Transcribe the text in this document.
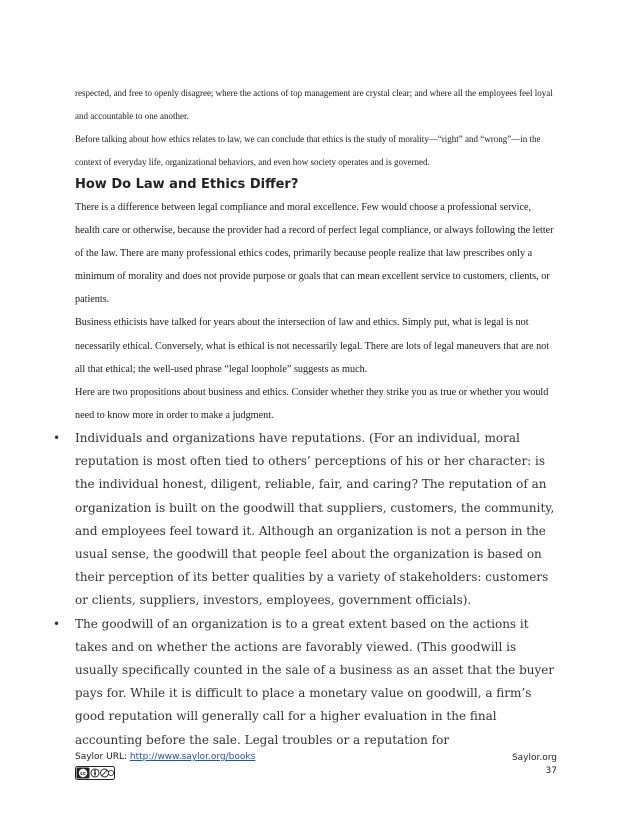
respected, and free to openly disagree; where the actions of top management are crystal clear; and where all the employees feel loyal and accountable to one another.

Before talking about how ethics relates to law, we can conclude that ethics is the study of morality—“right” and “wrong”—in the context of everyday life, organizational behaviors, and even how society operates and is governed.

How Do Law and Ethics Differ?

There is a difference between legal compliance and moral excellence. Few would choose a professional service, health care or otherwise, because the provider had a record of perfect legal compliance, or always following the letter of the law. There are many professional ethics codes, primarily because people realize that law prescribes only a minimum of morality and does not provide purpose or goals that can mean excellent service to customers, clients, or patients.

Business ethicists have talked for years about the intersection of law and ethics. Simply put, what is legal is not necessarily ethical. Conversely, what is ethical is not necessarily legal. There are lots of legal maneuvers that are not all that ethical; the well-used phrase “legal loophole” suggests as much.

Here are two propositions about business and ethics. Consider whether they strike you as true or whether you would need to know more in order to make a judgment.

• Individuals and organizations have reputations. (For an individual, moral reputation is most often tied to others’ perceptions of his or her character: is the individual honest, diligent, reliable, fair, and caring? The reputation of an organization is built on the goodwill that suppliers, customers, the community, and employees feel toward it. Although an organization is not a person in the usual sense, the goodwill that people feel about the organization is based on their perception of its better qualities by a variety of stakeholders: customers or clients, suppliers, investors, employees, government officials).
• The goodwill of an organization is to a great extent based on the actions it takes and on whether the actions are favorably viewed. (This goodwill is usually specifically counted in the sale of a business as an asset that the buyer pays for. While it is difficult to place a monetary value on goodwill, a firm’s good reputation will generally call for a higher evaluation in the final accounting before the sale. Legal troubles or a reputation for
Saylor URL: http://www.saylor.org/books	Saylor.org
37
cc
